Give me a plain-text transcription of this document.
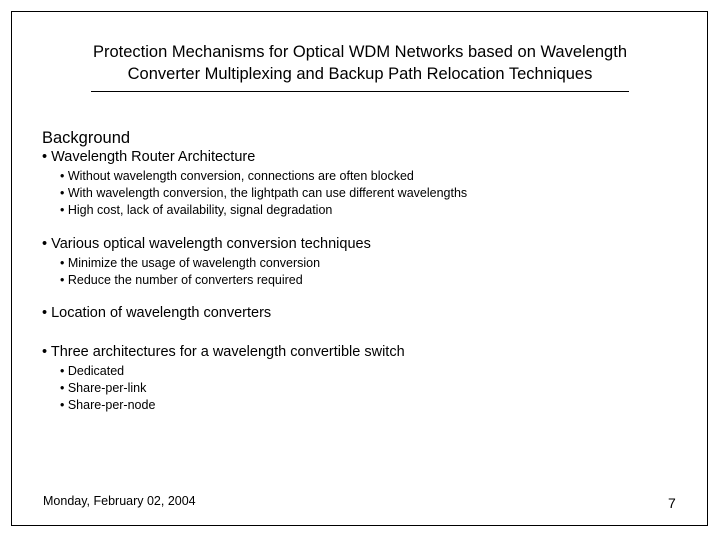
Protection Mechanisms for Optical WDM Networks based on Wavelength
Converter Multiplexing and Backup Path Relocation Techniques
Background
• Wavelength Router Architecture
• Without wavelength conversion, connections are often blocked
• With wavelength conversion, the lightpath can use different wavelengths
• High cost, lack of availability, signal degradation
• Various optical wavelength conversion techniques
• Minimize the usage of wavelength conversion
• Reduce the number of converters required
• Location of wavelength converters
• Three architectures for a wavelength convertible switch
• Dedicated
• Share-per-link
• Share-per-node
Monday, February 02, 2004	7
